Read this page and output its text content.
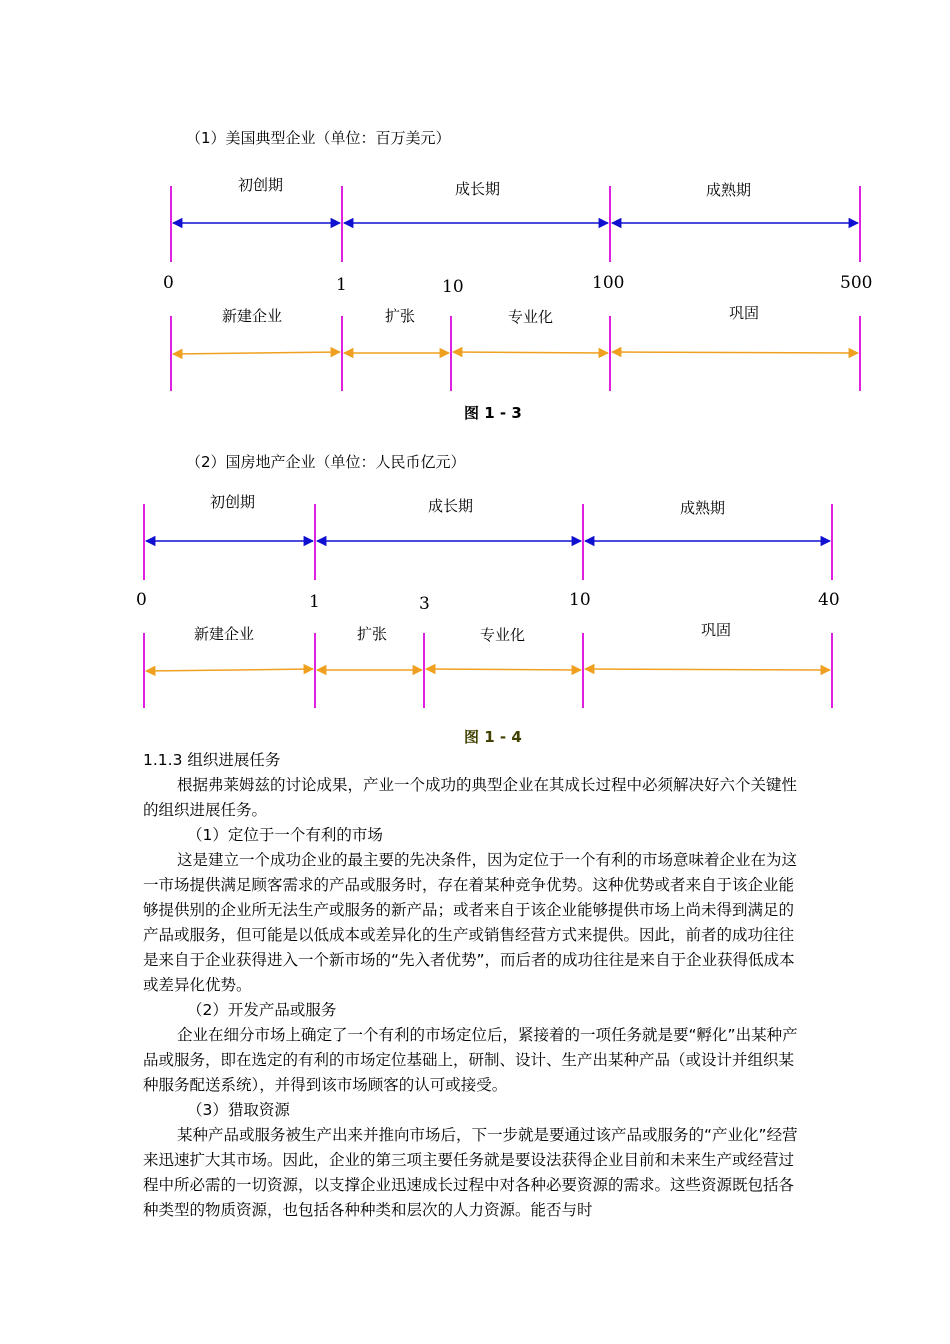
（1）美国典型企业（单位：百万美元）
初创期	成长期	成熟期
0	1	10	100	500
新建企业	扩张	专业化	巩固
图 1 - 3
（2）国房地产企业（单位：人民币亿元）
初创期	成长期	成熟期
0	1	3	10	40
新建企业	扩张	专业化	巩固
图 1 - 4

1.1.3 组织进展任务

根据弗莱姆兹的讨论成果，产业一个成功的典型企业在其成长过程中必须解决好六个关键性的组织进展任务。

（1）定位于一个有利的市场

这是建立一个成功企业的最主要的先决条件，因为定位于一个有利的市场意味着企业在为这一市场提供满足顾客需求的产品或服务时，存在着某种竞争优势。这种优势或者来自于该企业能够提供别的企业所无法生产或服务的新产品；或者来自于该企业能够提供市场上尚未得到满足的产品或服务，但可能是以低成本或差异化的生产或销售经营方式来提供。因此，前者的成功往往是来自于企业获得进入一个新市场的“先入者优势”，而后者的成功往往是来自于企业获得低成本或差异化优势。

（2）开发产品或服务

企业在细分市场上确定了一个有利的市场定位后，紧接着的一项任务就是要“孵化”出某种产品或服务，即在选定的有利的市场定位基础上，研制、设计、生产出某种产品（或设计并组织某种服务配送系统），并得到该市场顾客的认可或接受。

（3）猎取资源

某种产品或服务被生产出来并推向市场后，下一步就是要通过该产品或服务的“产业化”经营来迅速扩大其市场。因此，企业的第三项主要任务就是要设法获得企业目前和未来生产或经营过程中所必需的一切资源，以支撑企业迅速成长过程中对各种必要资源的需求。这些资源既包括各种类型的物质资源，也包括各种种类和层次的人力资源。能否与时
